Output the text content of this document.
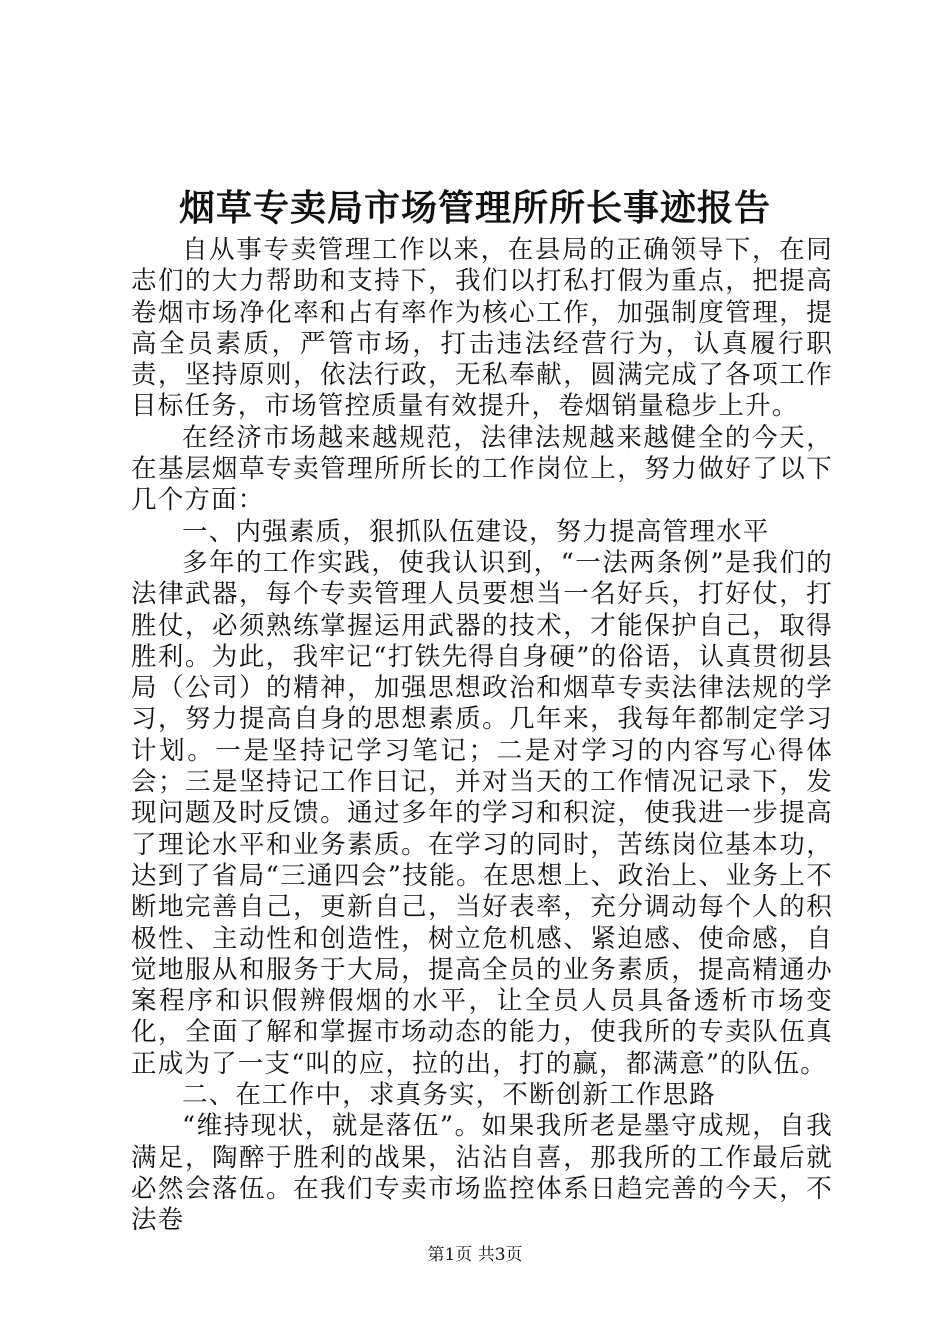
烟草专卖局市场管理所所长事迹报告

自从事专卖管理工作以来，在县局的正确领导下，在同志们的大力帮助和支持下，我们以打私打假为重点，把提高卷烟市场净化率和占有率作为核心工作，加强制度管理，提高全员素质，严管市场，打击违法经营行为，认真履行职责，坚持原则，依法行政，无私奉献，圆满完成了各项工作目标任务，市场管控质量有效提升，卷烟销量稳步上升。

在经济市场越来越规范，法律法规越来越健全的今天，在基层烟草专卖管理所所长的工作岗位上，努力做好了以下几个方面：

一、内强素质，狠抓队伍建设，努力提高管理水平

多年的工作实践，使我认识到，“一法两条例”是我们的法律武器，每个专卖管理人员要想当一名好兵，打好仗，打胜仗，必须熟练掌握运用武器的技术，才能保护自己，取得胜利。为此，我牢记“打铁先得自身硬”的俗语，认真贯彻县局（公司）的精神，加强思想政治和烟草专卖法律法规的学习，努力提高自身的思想素质。几年来，我每年都制定学习计划。一是坚持记学习笔记；二是对学习的内容写心得体会；三是坚持记工作日记，并对当天的工作情况记录下，发现问题及时反馈。通过多年的学习和积淀，使我进一步提高了理论水平和业务素质。在学习的同时，苦练岗位基本功，达到了省局“三通四会”技能。在思想上、政治上、业务上不断地完善自己，更新自己，当好表率，充分调动每个人的积极性、主动性和创造性，树立危机感、紧迫感、使命感，自觉地服从和服务于大局，提高全员的业务素质，提高精通办案程序和识假辨假烟的水平，让全员人员具备透析市场变化，全面了解和掌握市场动态的能力，使我所的专卖队伍真正成为了一支“叫的应，拉的出，打的赢，都满意”的队伍。

二、在工作中，求真务实，不断创新工作思路

“维持现状，就是落伍”。如果我所老是墨守成规，自我满足，陶醉于胜利的战果，沾沾自喜，那我所的工作最后就必然会落伍。在我们专卖市场监控体系日趋完善的今天，不法卷

第1页 共3页
